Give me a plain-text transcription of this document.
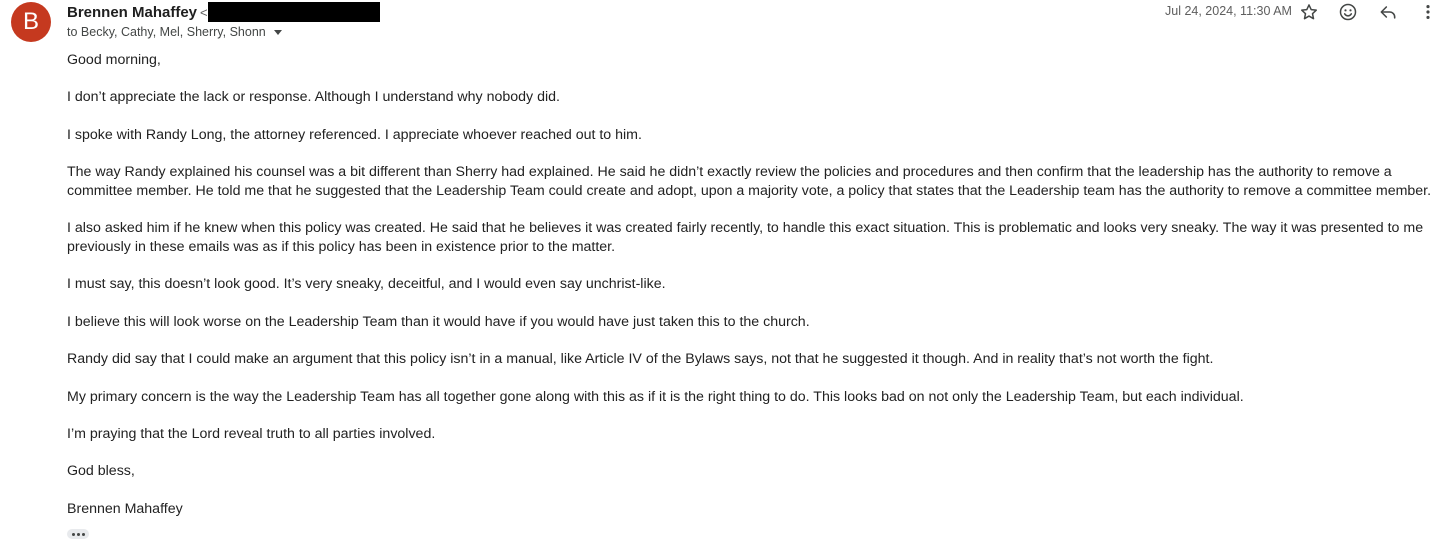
B	Brennen Mahaffey <
to
Becky, Cathy, Mel, Sherry, Shonn
Jul 24, 2024, 11:30 AM

Good morning,

I don’t appreciate the lack or response. Although I understand why nobody did.

I spoke with Randy Long, the attorney referenced. I appreciate whoever reached out to him.

The way Randy explained his counsel was a bit different than Sherry had explained. He said he didn’t exactly review the policies and procedures and then confirm that the leadership has the authority to remove a committee member. He told me that he suggested that the Leadership Team could create and adopt, upon a majority vote, a policy that states that the Leadership team has the authority to remove a committee member.

I also asked him if he knew when this policy was created. He said that he believes it was created fairly recently, to handle this exact situation. This is problematic and looks very sneaky. The way it was presented to me previously in these emails was as if this policy has been in existence prior to the matter.

I must say, this doesn’t look good. It’s very sneaky, deceitful, and I would even say unchrist-like.

I believe this will look worse on the Leadership Team than it would have if you would have just taken this to the church.

Randy did say that I could make an argument that this policy isn’t in a manual, like Article IV of the Bylaws says, not that he suggested it though. And in reality that’s not worth the fight.

My primary concern is the way the Leadership Team has all together gone along with this as if it is the right thing to do. This looks bad on not only the Leadership Team, but each individual.

I’m praying that the Lord reveal truth to all parties involved.

God bless,

Brennen Mahaffey
